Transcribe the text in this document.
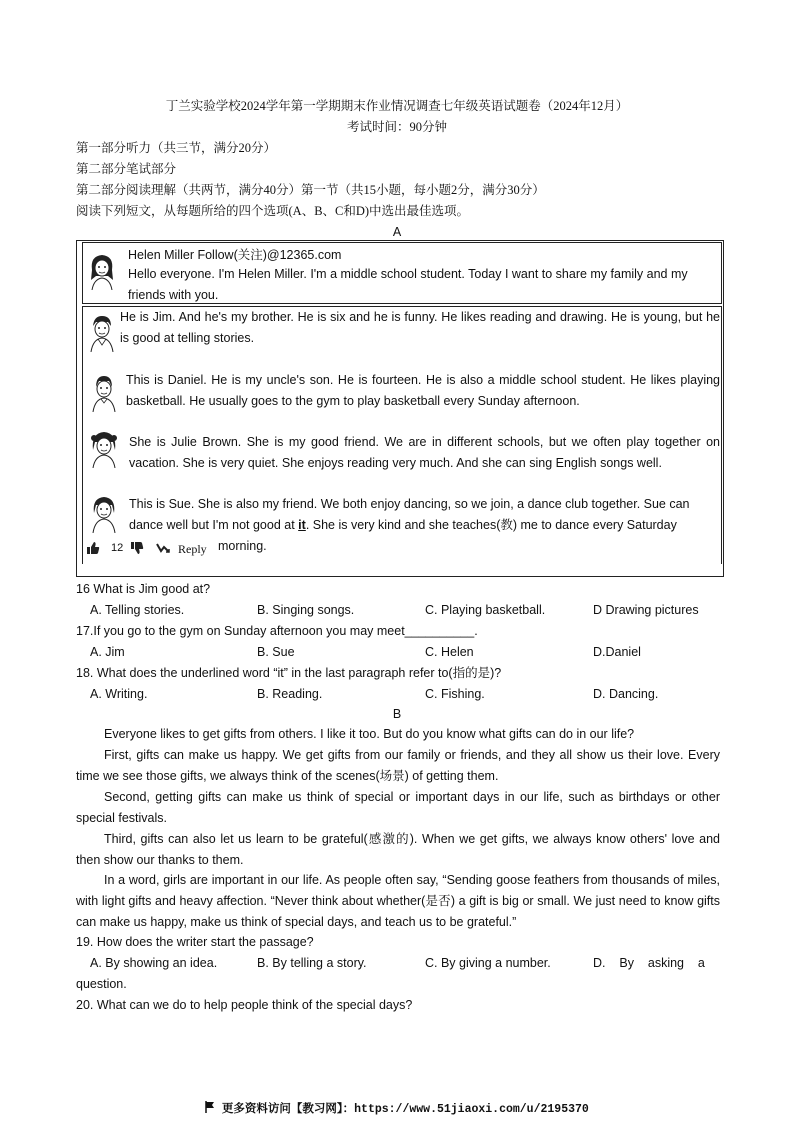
丁兰实验学校2024学年第一学期期末作业情况调查七年级英语试题卷（2024年12月）
考试时间：90分钟
第一部分听力（共三节，满分20分）
第二部分笔试部分
第二部分阅读理解（共两节，满分40分）第一节（共15小题，每小题2分，满分30分）
阅读下列短文，从每题所给的四个选项(A、B、C和D)中选出最佳选项。
A
Helen Miller Follow(关注)@12365.com
Hello everyone. I'm Helen Miller. I'm a middle school student. Today I want to share my family and my
friends with you.
He is Jim. And he's my brother. He is six and he is funny. He likes reading and drawing. He is young, but he is good at telling stories.
This is Daniel. He is my uncle's son. He is fourteen. He is also a middle school student. He likes playing basketball. He usually goes to the gym to play basketball every Sunday afternoon.
She is Julie Brown. She is my good friend. We are in different schools, but we often play together on vacation. She is very quiet. She enjoys reading very much. And she can sing English songs well.
This is Sue. She is also my friend. We both enjoy dancing, so we join, a dance club together. Sue can
dance well but I'm not good at it. She is very kind and she teaches(教) me to dance every Saturday
morning.
12	Reply
16 What is Jim good at?
A. Telling stories.	B. Singing songs.	C. Playing basketball.	D Drawing pictures
17.If you go to the gym on Sunday afternoon you may meet__________.
A. Jim	B. Sue	C. Helen	D.Daniel
18. What does the underlined word “it” in the last paragraph refer to(指的是)?
A. Writing.	B. Reading.	C. Fishing.	D. Dancing.
B
Everyone likes to get gifts from others. I like it too. But do you know what gifts can do in our life?
First, gifts can make us happy. We get gifts from our family or friends, and they all show us their love. Every time we see those gifts, we always think of the scenes(场景) of getting them.
Second, getting gifts can make us think of special or important days in our life, such as birthdays or other special festivals.
Third, gifts can also let us learn to be grateful(感激的). When we get gifts, we always know others' love and then show our thanks to them.
In a word, girls are important in our life. As people often say, “Sending goose feathers from thousands of miles, with light gifts and heavy affection. “Never think about whether(是否) a gift is big or small. We just need to know gifts can make us happy, make us think of special days, and teach us to be grateful.”
19. How does the writer start the passage?
A. By showing an idea.	B. By telling a story.	C. By giving a number.	D.    By    asking    a
question.
20. What can we do to help people think of the special days?
更多资料访问【教习网】：https://www.51jiaoxi.com/u/2195370
